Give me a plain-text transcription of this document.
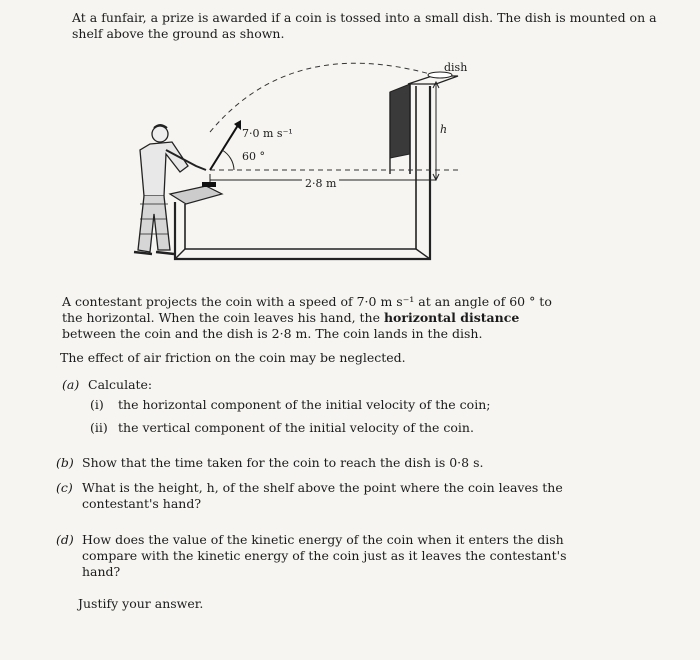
At a funfair, a prize is awarded if a coin is tossed into a small dish. The dish is mounted on a shelf above the ground as shown.
7·0 m s⁻¹
60 °
2·8 m
dish
h
A contestant projects the coin with a speed of 7·0 m s⁻¹ at an angle of 60 ° to the horizontal. When the coin leaves his hand, the horizontal distance between the coin and the dish is 2·8 m. The coin lands in the dish.
The effect of air friction on the coin may be neglected.
(a) Calculate:
(i) the horizontal component of the initial velocity of the coin;
(ii) the vertical component of the initial velocity of the coin.
(b) Show that the time taken for the coin to reach the dish is 0·8 s.
(c) What is the height, h, of the shelf above the point where the coin leaves the contestant's hand?
(d) How does the value of the kinetic energy of the coin when it enters the dish compare with the kinetic energy of the coin just as it leaves the contestant's hand?
Justify your answer.
